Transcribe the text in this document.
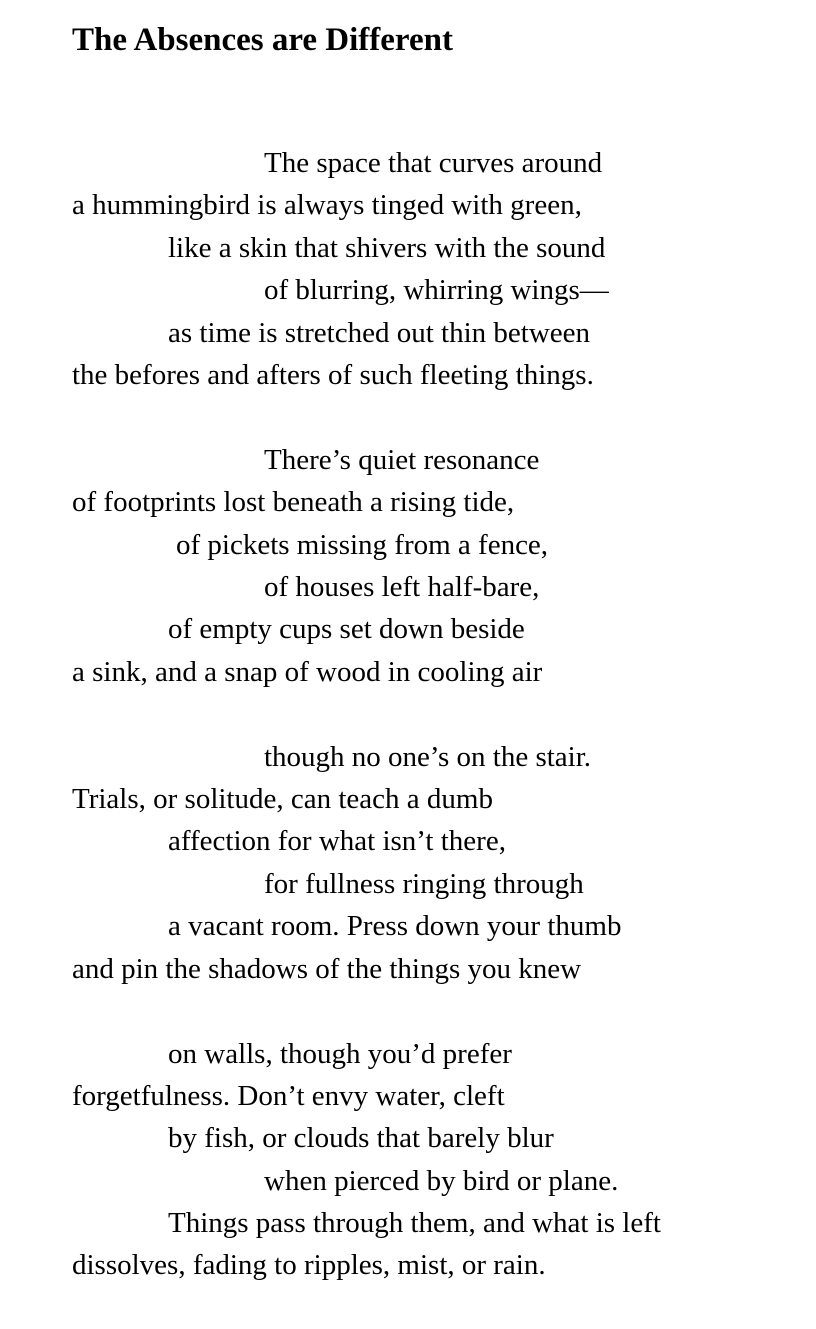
The Absences are Different
The space that curves around
a hummingbird is always tinged with green,
like a skin that shivers with the sound
of blurring, whirring wings—
as time is stretched out thin between
the befores and afters of such fleeting things.
There’s quiet resonance
of footprints lost beneath a rising tide,
of pickets missing from a fence,
of houses left half-bare,
of empty cups set down beside
a sink, and a snap of wood in cooling air
though no one’s on the stair.
Trials, or solitude, can teach a dumb
affection for what isn’t there,
for fullness ringing through
a vacant room. Press down your thumb
and pin the shadows of the things you knew
on walls, though you’d prefer
forgetfulness. Don’t envy water, cleft
by fish, or clouds that barely blur
when pierced by bird or plane.
Things pass through them, and what is left
dissolves, fading to ripples, mist, or rain.
